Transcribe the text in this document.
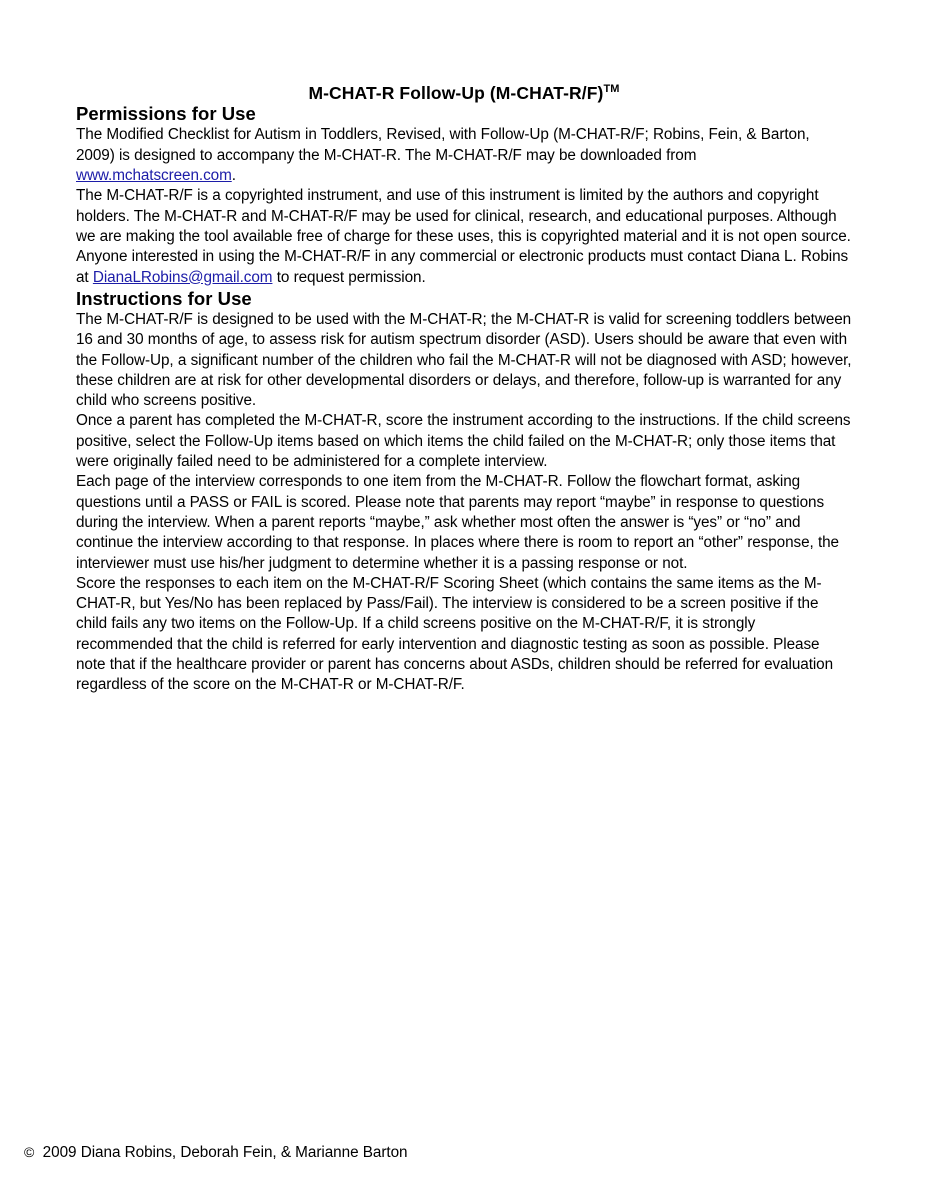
M-CHAT-R Follow-Up (M-CHAT-R/F)™
Permissions for Use

The Modified Checklist for Autism in Toddlers, Revised, with Follow-Up (M-CHAT-R/F; Robins, Fein, & Barton, 2009) is designed to accompany the M-CHAT-R. The M-CHAT-R/F may be downloaded from www.mchatscreen.com.

The M-CHAT-R/F is a copyrighted instrument, and use of this instrument is limited by the authors and copyright holders. The M-CHAT-R and M-CHAT-R/F may be used for clinical, research, and educational purposes. Although we are making the tool available free of charge for these uses, this is copyrighted material and it is not open source. Anyone interested in using the M-CHAT-R/F in any commercial or electronic products must contact Diana L. Robins at DianaLRobins@gmail.com to request permission.

Instructions for Use

The M-CHAT-R/F is designed to be used with the M-CHAT-R; the M-CHAT-R is valid for screening toddlers between 16 and 30 months of age, to assess risk for autism spectrum disorder (ASD). Users should be aware that even with the Follow-Up, a significant number of the children who fail the M-CHAT-R will not be diagnosed with ASD; however, these children are at risk for other developmental disorders or delays, and therefore, follow-up is warranted for any child who screens positive.

Once a parent has completed the M-CHAT-R, score the instrument according to the instructions. If the child screens positive, select the Follow-Up items based on which items the child failed on the M-CHAT-R; only those items that were originally failed need to be administered for a complete interview.

Each page of the interview corresponds to one item from the M-CHAT-R. Follow the flowchart format, asking questions until a PASS or FAIL is scored. Please note that parents may report “maybe” in response to questions during the interview. When a parent reports “maybe,” ask whether most often the answer is “yes” or “no” and continue the interview according to that response. In places where there is room to report an “other” response, the interviewer must use his/her judgment to determine whether it is a passing response or not.

Score the responses to each item on the M-CHAT-R/F Scoring Sheet (which contains the same items as the M-CHAT-R, but Yes/No has been replaced by Pass/Fail). The interview is considered to be a screen positive if the child fails any two items on the Follow-Up. If a child screens positive on the M-CHAT-R/F, it is strongly recommended that the child is referred for early intervention and diagnostic testing as soon as possible. Please note that if the healthcare provider or parent has concerns about ASDs, children should be referred for evaluation regardless of the score on the M-CHAT-R or M-CHAT-R/F.

© 2009 Diana Robins, Deborah Fein, & Marianne Barton
